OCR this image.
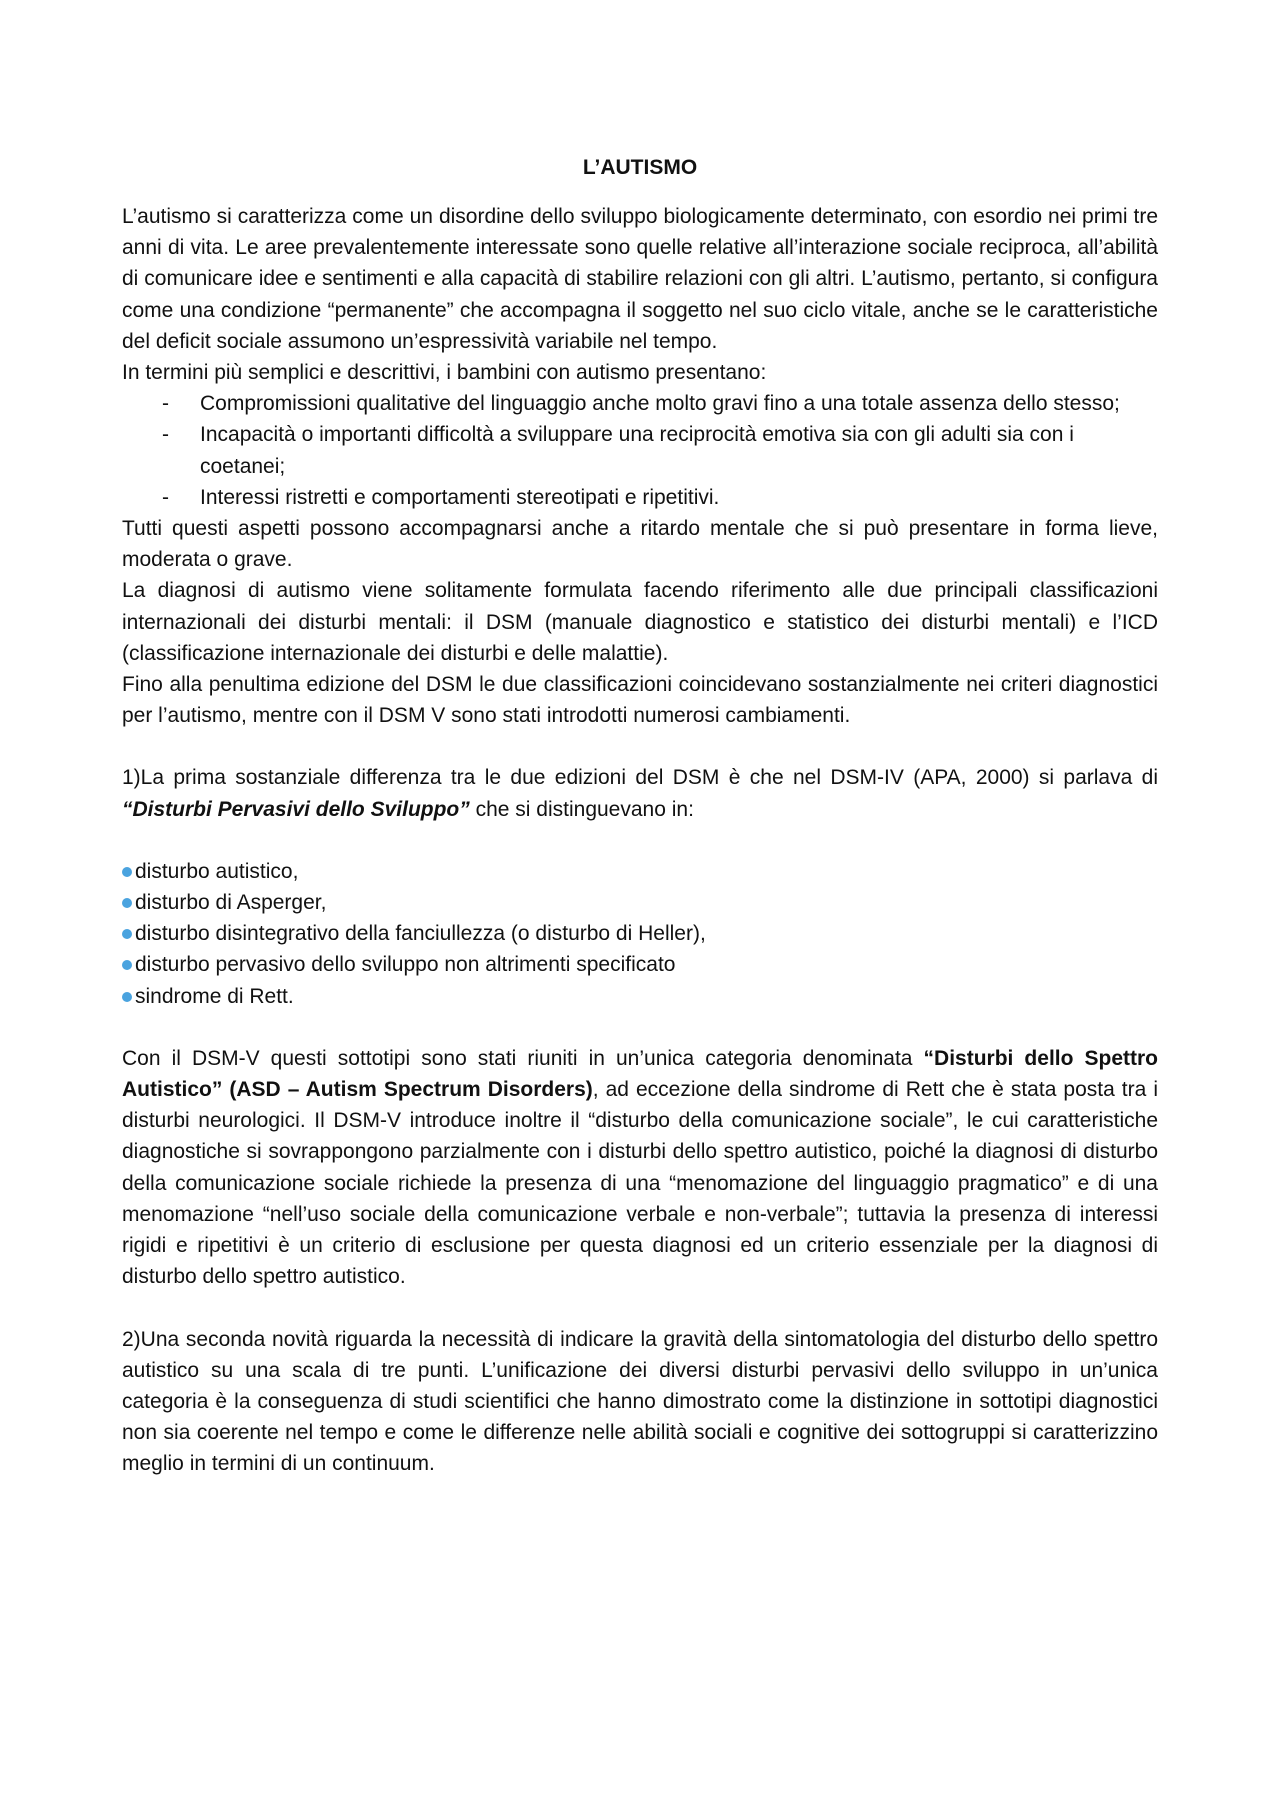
L’AUTISMO

L’autismo si caratterizza come un disordine dello sviluppo biologicamente determinato, con esordio nei primi tre anni di vita. Le aree prevalentemente interessate sono quelle relative all’interazione sociale reciproca, all’abilità di comunicare idee e sentimenti e alla capacità di stabilire relazioni con gli altri. L’autismo, pertanto, si configura come una condizione “permanente” che accompagna il soggetto nel suo ciclo vitale, anche se le caratteristiche del deficit sociale assumono un’espressività variabile nel tempo.

In termini più semplici e descrittivi, i bambini con autismo presentano:

- Compromissioni qualitative del linguaggio anche molto gravi fino a una totale assenza dello stesso;
- Incapacità o importanti difficoltà a sviluppare una reciprocità emotiva sia con gli adulti sia con i coetanei;
- Interessi ristretti e comportamenti stereotipati e ripetitivi.

Tutti questi aspetti possono accompagnarsi anche a ritardo mentale che si può presentare in forma lieve, moderata o grave.

La diagnosi di autismo viene solitamente formulata facendo riferimento alle due principali classificazioni internazionali dei disturbi mentali: il DSM (manuale diagnostico e statistico dei disturbi mentali) e l’ICD (classificazione internazionale dei disturbi e delle malattie).

Fino alla penultima edizione del DSM le due classificazioni coincidevano sostanzialmente nei criteri diagnostici per l’autismo, mentre con il DSM V sono stati introdotti numerosi cambiamenti.

1)La prima sostanziale differenza tra le due edizioni del DSM è che nel DSM-IV (APA, 2000) si parlava di “Disturbi Pervasivi dello Sviluppo” che si distinguevano in:

disturbo autistico,
disturbo di Asperger,
disturbo disintegrativo della fanciullezza (o disturbo di Heller),
disturbo pervasivo dello sviluppo non altrimenti specificato
sindrome di Rett.

Con il DSM-V questi sottotipi sono stati riuniti in un’unica categoria denominata “Disturbi dello Spettro Autistico” (ASD – Autism Spectrum Disorders), ad eccezione della sindrome di Rett che è stata posta tra i disturbi neurologici. Il DSM-V introduce inoltre il “disturbo della comunicazione sociale”, le cui caratteristiche diagnostiche si sovrappongono parzialmente con i disturbi dello spettro autistico, poiché la diagnosi di disturbo della comunicazione sociale richiede la presenza di una “menomazione del linguaggio pragmatico” e di una menomazione “nell’uso sociale della comunicazione verbale e non-verbale”; tuttavia la presenza di interessi rigidi e ripetitivi è un criterio di esclusione per questa diagnosi ed un criterio essenziale per la diagnosi di disturbo dello spettro autistico.

2)Una seconda novità riguarda la necessità di indicare la gravità della sintomatologia del disturbo dello spettro autistico su una scala di tre punti. L’unificazione dei diversi disturbi pervasivi dello sviluppo in un’unica categoria è la conseguenza di studi scientifici che hanno dimostrato come la distinzione in sottotipi diagnostici non sia coerente nel tempo e come le differenze nelle abilità sociali e cognitive dei sottogruppi si caratterizzino meglio in termini di un continuum.
